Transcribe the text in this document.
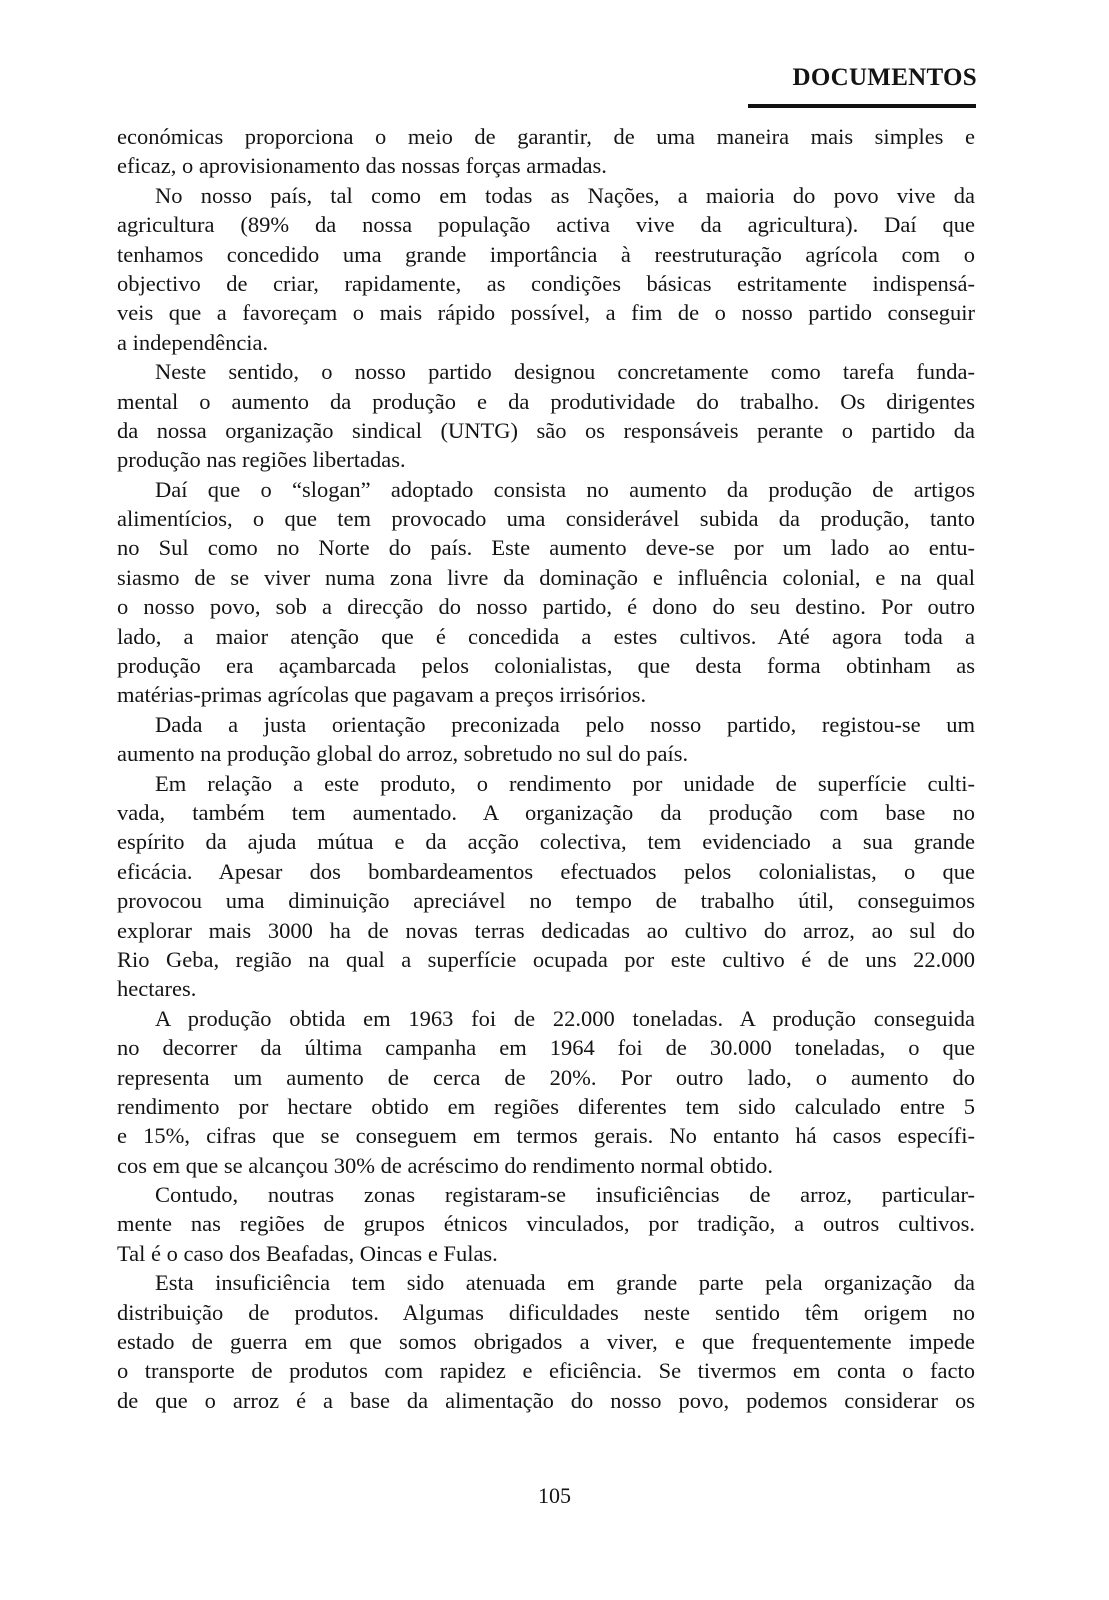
DOCUMENTOS
económicas proporciona o meio de garantir, de uma maneira mais simples e
eficaz, o aprovisionamento das nossas forças armadas.
No nosso país, tal como em todas as Nações, a maioria do povo vive da
agricultura (89% da nossa população activa vive da agricultura). Daí que
tenhamos concedido uma grande importância à reestruturação agrícola com o
objectivo de criar, rapidamente, as condições básicas estritamente indispensá-
veis que a favoreçam o mais rápido possível, a fim de o nosso partido conseguir
a independência.
Neste sentido, o nosso partido designou concretamente como tarefa funda-
mental o aumento da produção e da produtividade do trabalho. Os dirigentes
da nossa organização sindical (UNTG) são os responsáveis perante o partido da
produção nas regiões libertadas.
Daí que o “slogan” adoptado consista no aumento da produção de artigos
alimentícios, o que tem provocado uma considerável subida da produção, tanto
no Sul como no Norte do país. Este aumento deve-se por um lado ao entu-
siasmo de se viver numa zona livre da dominação e influência colonial, e na qual
o nosso povo, sob a direcção do nosso partido, é dono do seu destino. Por outro
lado, a maior atenção que é concedida a estes cultivos. Até agora toda a
produção era açambarcada pelos colonialistas, que desta forma obtinham as
matérias-primas agrícolas que pagavam a preços irrisórios.
Dada a justa orientação preconizada pelo nosso partido, registou-se um
aumento na produção global do arroz, sobretudo no sul do país.
Em relação a este produto, o rendimento por unidade de superfície culti-
vada, também tem aumentado. A organização da produção com base no
espírito da ajuda mútua e da acção colectiva, tem evidenciado a sua grande
eficácia. Apesar dos bombardeamentos efectuados pelos colonialistas, o que
provocou uma diminuição apreciável no tempo de trabalho útil, conseguimos
explorar mais 3000 ha de novas terras dedicadas ao cultivo do arroz, ao sul do
Rio Geba, região na qual a superfície ocupada por este cultivo é de uns 22.000
hectares.
A produção obtida em 1963 foi de 22.000 toneladas. A produção conseguida
no decorrer da última campanha em 1964 foi de 30.000 toneladas, o que
representa um aumento de cerca de 20%. Por outro lado, o aumento do
rendimento por hectare obtido em regiões diferentes tem sido calculado entre 5
e 15%, cifras que se conseguem em termos gerais. No entanto há casos específi-
cos em que se alcançou 30% de acréscimo do rendimento normal obtido.
Contudo, noutras zonas registaram-se insuficiências de arroz, particular-
mente nas regiões de grupos étnicos vinculados, por tradição, a outros cultivos.
Tal é o caso dos Beafadas, Oincas e Fulas.
Esta insuficiência tem sido atenuada em grande parte pela organização da
distribuição de produtos. Algumas dificuldades neste sentido têm origem no
estado de guerra em que somos obrigados a viver, e que frequentemente impede
o transporte de produtos com rapidez e eficiência. Se tivermos em conta o facto
de que o arroz é a base da alimentação do nosso povo, podemos considerar os
105
